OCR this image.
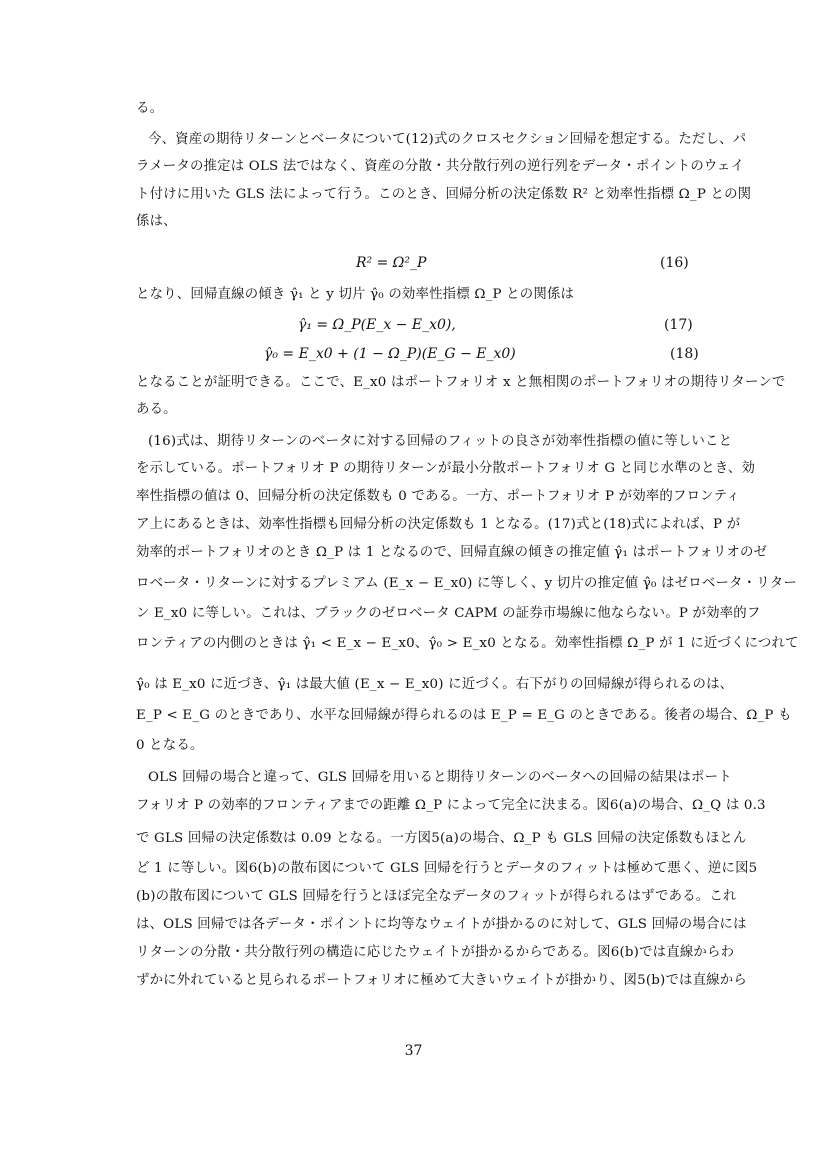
る。
今、資産の期待リターンとベータについて(12)式のクロスセクション回帰を想定する。ただし、パ
ラメータの推定は OLS 法ではなく、資産の分散・共分散行列の逆行列をデータ・ポイントのウェイ
ト付けに用いた GLS 法によって行う。このとき、回帰分析の決定係数 R² と効率性指標 Ω_P との関
係は、
R² = Ω²_P	(16)
となり、回帰直線の傾き γ̂₁ と y 切片 γ̂₀ の効率性指標 Ω_P との関係は
γ̂₁ = Ω_P(E_x − E_x0),	(17)
γ̂₀ = E_x0 + (1 − Ω_P)(E_G − E_x0)	(18)
となることが証明できる。ここで、E_x0 はポートフォリオ x と無相関のポートフォリオの期待リターンで
ある。
(16)式は、期待リターンのベータに対する回帰のフィットの良さが効率性指標の値に等しいこと
を示している。ポートフォリオ P の期待リターンが最小分散ポートフォリオ G と同じ水準のとき、効
率性指標の値は 0、回帰分析の決定係数も 0 である。一方、ポートフォリオ P が効率的フロンティ
ア上にあるときは、効率性指標も回帰分析の決定係数も 1 となる。(17)式と(18)式によれば、P が
効率的ポートフォリオのとき Ω_P は 1 となるので、回帰直線の傾きの推定値 γ̂₁ はポートフォリオのゼ
ロベータ・リターンに対するプレミアム (E_x − E_x0) に等しく、y 切片の推定値 γ̂₀ はゼロベータ・リター
ン E_x0 に等しい。これは、ブラックのゼロベータ CAPM の証券市場線に他ならない。P が効率的フ
ロンティアの内側のときは γ̂₁ < E_x − E_x0、γ̂₀ > E_x0 となる。効率性指標 Ω_P が 1 に近づくにつれて
γ̂₀ は E_x0 に近づき、γ̂₁ は最大値 (E_x − E_x0) に近づく。右下がりの回帰線が得られるのは、
E_P < E_G のときであり、水平な回帰線が得られるのは E_P = E_G のときである。後者の場合、Ω_P も
0 となる。
OLS 回帰の場合と違って、GLS 回帰を用いると期待リターンのベータへの回帰の結果はポート
フォリオ P の効率的フロンティアまでの距離 Ω_P によって完全に決まる。図6(a)の場合、Ω_Q は 0.3
で GLS 回帰の決定係数は 0.09 となる。一方図5(a)の場合、Ω_P も GLS 回帰の決定係数もほとん
ど 1 に等しい。図6(b)の散布図について GLS 回帰を行うとデータのフィットは極めて悪く、逆に図5
(b)の散布図について GLS 回帰を行うとほぼ完全なデータのフィットが得られるはずである。これ
は、OLS 回帰では各データ・ポイントに均等なウェイトが掛かるのに対して、GLS 回帰の場合には
リターンの分散・共分散行列の構造に応じたウェイトが掛かるからである。図6(b)では直線からわ
ずかに外れていると見られるポートフォリオに極めて大きいウェイトが掛かり、図5(b)では直線から
37
